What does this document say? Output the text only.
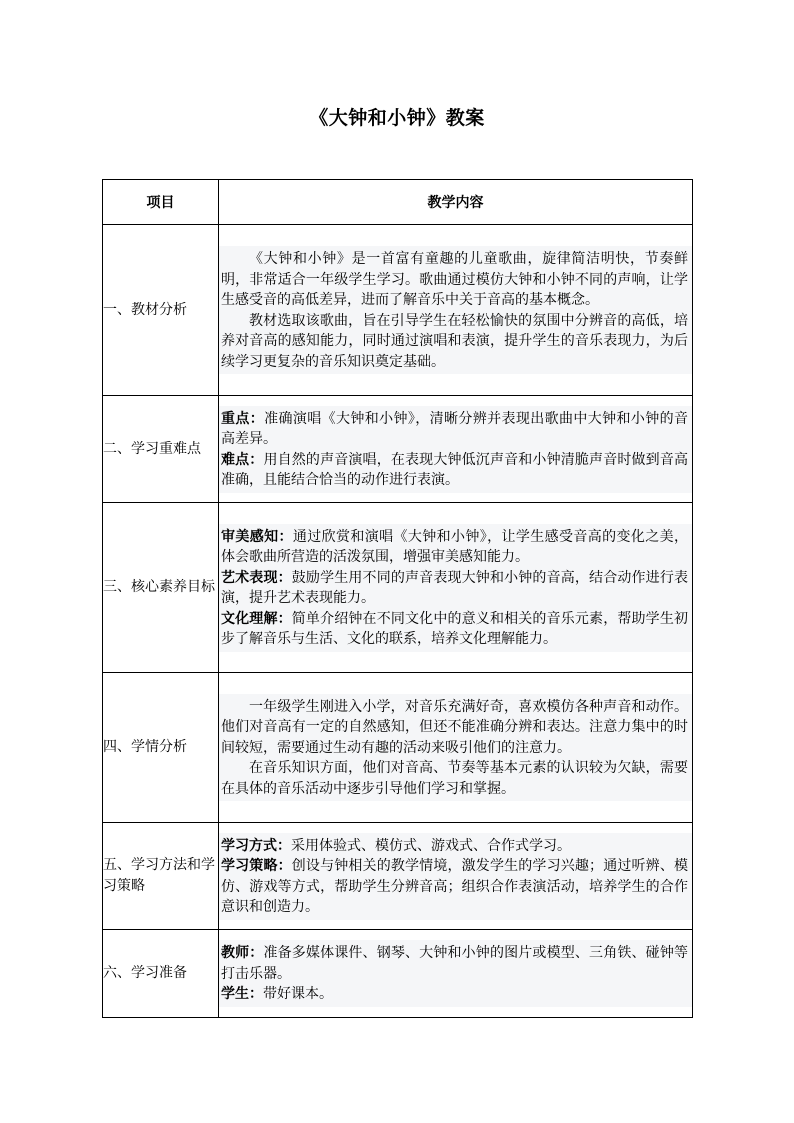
《大钟和小钟》教案
项目	教学内容
一、教材分析	《大钟和小钟》是一首富有童趣的儿童歌曲，旋律简洁明快，节奏鲜明，非常适合一年级学生学习。歌曲通过模仿大钟和小钟不同的声响，让学生感受音的高低差异，进而了解音乐中关于音高的基本概念。

教材选取该歌曲，旨在引导学生在轻松愉快的氛围中分辨音的高低，培养对音高的感知能力，同时通过演唱和表演，提升学生的音乐表现力，为后续学习更复杂的音乐知识奠定基础。

二、学习重难点	重点：准确演唱《大钟和小钟》，清晰分辨并表现出歌曲中大钟和小钟的音高差异。

难点：用自然的声音演唱，在表现大钟低沉声音和小钟清脆声音时做到音高准确，且能结合恰当的动作进行表演。

三、核心素养目标	审美感知：通过欣赏和演唱《大钟和小钟》，让学生感受音高的变化之美，体会歌曲所营造的活泼氛围，增强审美感知能力。

艺术表现：鼓励学生用不同的声音表现大钟和小钟的音高，结合动作进行表演，提升艺术表现能力。

文化理解：简单介绍钟在不同文化中的意义和相关的音乐元素，帮助学生初步了解音乐与生活、文化的联系，培养文化理解能力。

四、学情分析	一年级学生刚进入小学，对音乐充满好奇，喜欢模仿各种声音和动作。他们对音高有一定的自然感知，但还不能准确分辨和表达。注意力集中的时间较短，需要通过生动有趣的活动来吸引他们的注意力。

在音乐知识方面，他们对音高、节奏等基本元素的认识较为欠缺，需要在具体的音乐活动中逐步引导他们学习和掌握。

五、学习方法和学习策略	学习方式：采用体验式、模仿式、游戏式、合作式学习。

学习策略：创设与钟相关的教学情境，激发学生的学习兴趣；通过听辨、模仿、游戏等方式，帮助学生分辨音高；组织合作表演活动，培养学生的合作意识和创造力。

六、学习准备	教师：准备多媒体课件、钢琴、大钟和小钟的图片或模型、三角铁、碰钟等打击乐器。

学生：带好课本。
